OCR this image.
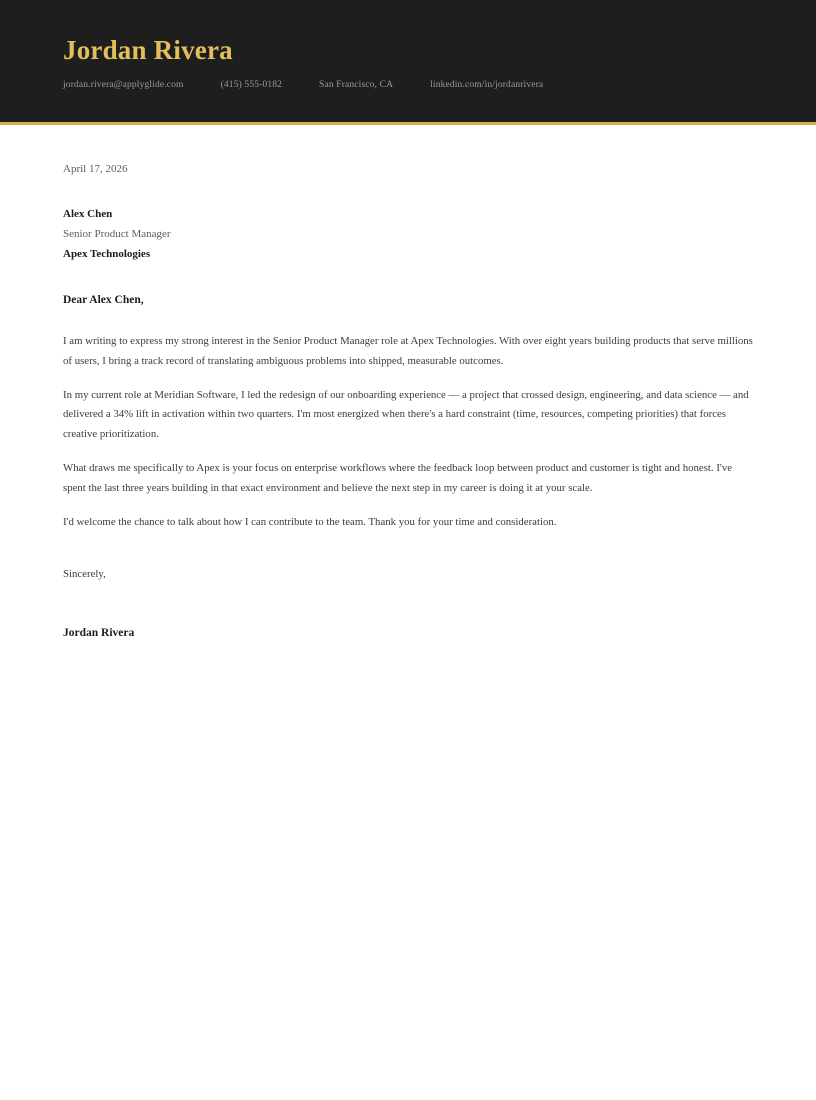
Jordan Rivera
jordan.rivera@applyglide.com	(415) 555-0182	San Francisco, CA	linkedin.com/in/jordanrivera
April 17, 2026
Alex Chen
Senior Product Manager
Apex Technologies
Dear Alex Chen,

I am writing to express my strong interest in the Senior Product Manager role at Apex Technologies. With over eight years building products that serve millions of users, I bring a track record of translating ambiguous problems into shipped, measurable outcomes.

In my current role at Meridian Software, I led the redesign of our onboarding experience — a project that crossed design, engineering, and data science — and delivered a 34% lift in activation within two quarters. I'm most energized when there's a hard constraint (time, resources, competing priorities) that forces creative prioritization.

What draws me specifically to Apex is your focus on enterprise workflows where the feedback loop between product and customer is tight and honest. I've spent the last three years building in that exact environment and believe the next step in my career is doing it at your scale.

I'd welcome the chance to talk about how I can contribute to the team. Thank you for your time and consideration.

Sincerely,
Jordan Rivera
